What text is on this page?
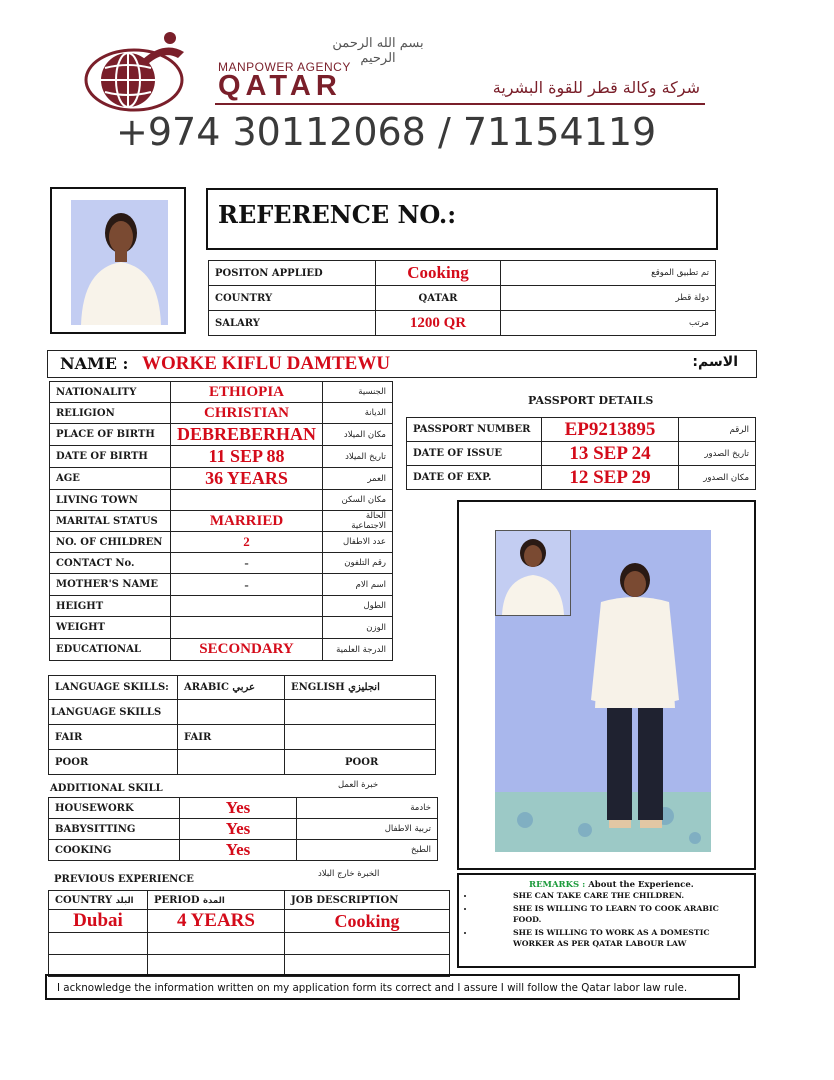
بسم الله الرحمن الرحيم
MANPOWER AGENCY
QATAR	شركة وكالة قطر للقوة البشرية
+974 30112068 / 71154119
REFERENCE NO.:
POSITON APPLIED	Cooking	تم تطبيق الموقع
COUNTRY	QATAR	دولة قطر
SALARY	1200 QR	مرتب
NAME : WORKE KIFLU DAMTEWU	الاسم:
NATIONALITY	ETHIOPIA	الجنسية
RELIGION	CHRISTIAN	الديانة
PLACE OF BIRTH	DEBREBERHAN	مكان الميلاد
DATE OF BIRTH	11 SEP 88	تاريخ الميلاد
AGE	36 YEARS	العمر
LIVING TOWN		مكان السكن
MARITAL STATUS	MARRIED	الحالة الاجتماعية
NO. OF CHILDREN	2	عدد الاطفال
CONTACT No.	-	رقم التلفون
MOTHER'S NAME	-	اسم الام
HEIGHT		الطول
WEIGHT		الوزن
EDUCATIONAL	SECONDARY	الدرجة العلمية
PASSPORT DETAILS
PASSPORT NUMBER	EP9213895	الرقم
DATE OF ISSUE	13 SEP 24	تاريخ الصدور
DATE OF EXP.	12 SEP 29	مكان الصدور
LANGUAGE SKILLS:	ARABIC عربي	ENGLISH انجليزي
LANGUAGE SKILLS		
FAIR	FAIR	
POOR		POOR
ADDITIONAL SKILL	خبرة العمل
HOUSEWORK	Yes	خادمة
BABYSITTING	Yes	تربية الاطفال
COOKING	Yes	الطبخ
PREVIOUS EXPERIENCE	الخبرة خارج البلاد
COUNTRY البلد	PERIOD المدة	JOB DESCRIPTION
Dubai	4 YEARS	Cooking

REMARKS : About the Experience.
• SHE CAN TAKE CARE THE CHILDREN.
• SHE IS WILLING TO LEARN TO COOK ARABIC FOOD.
• SHE IS WILLING TO WORK AS A DOMESTIC WORKER AS PER QATAR LABOUR LAW
I acknowledge the information written on my application form its correct and I assure I will follow the Qatar labor law rule.
